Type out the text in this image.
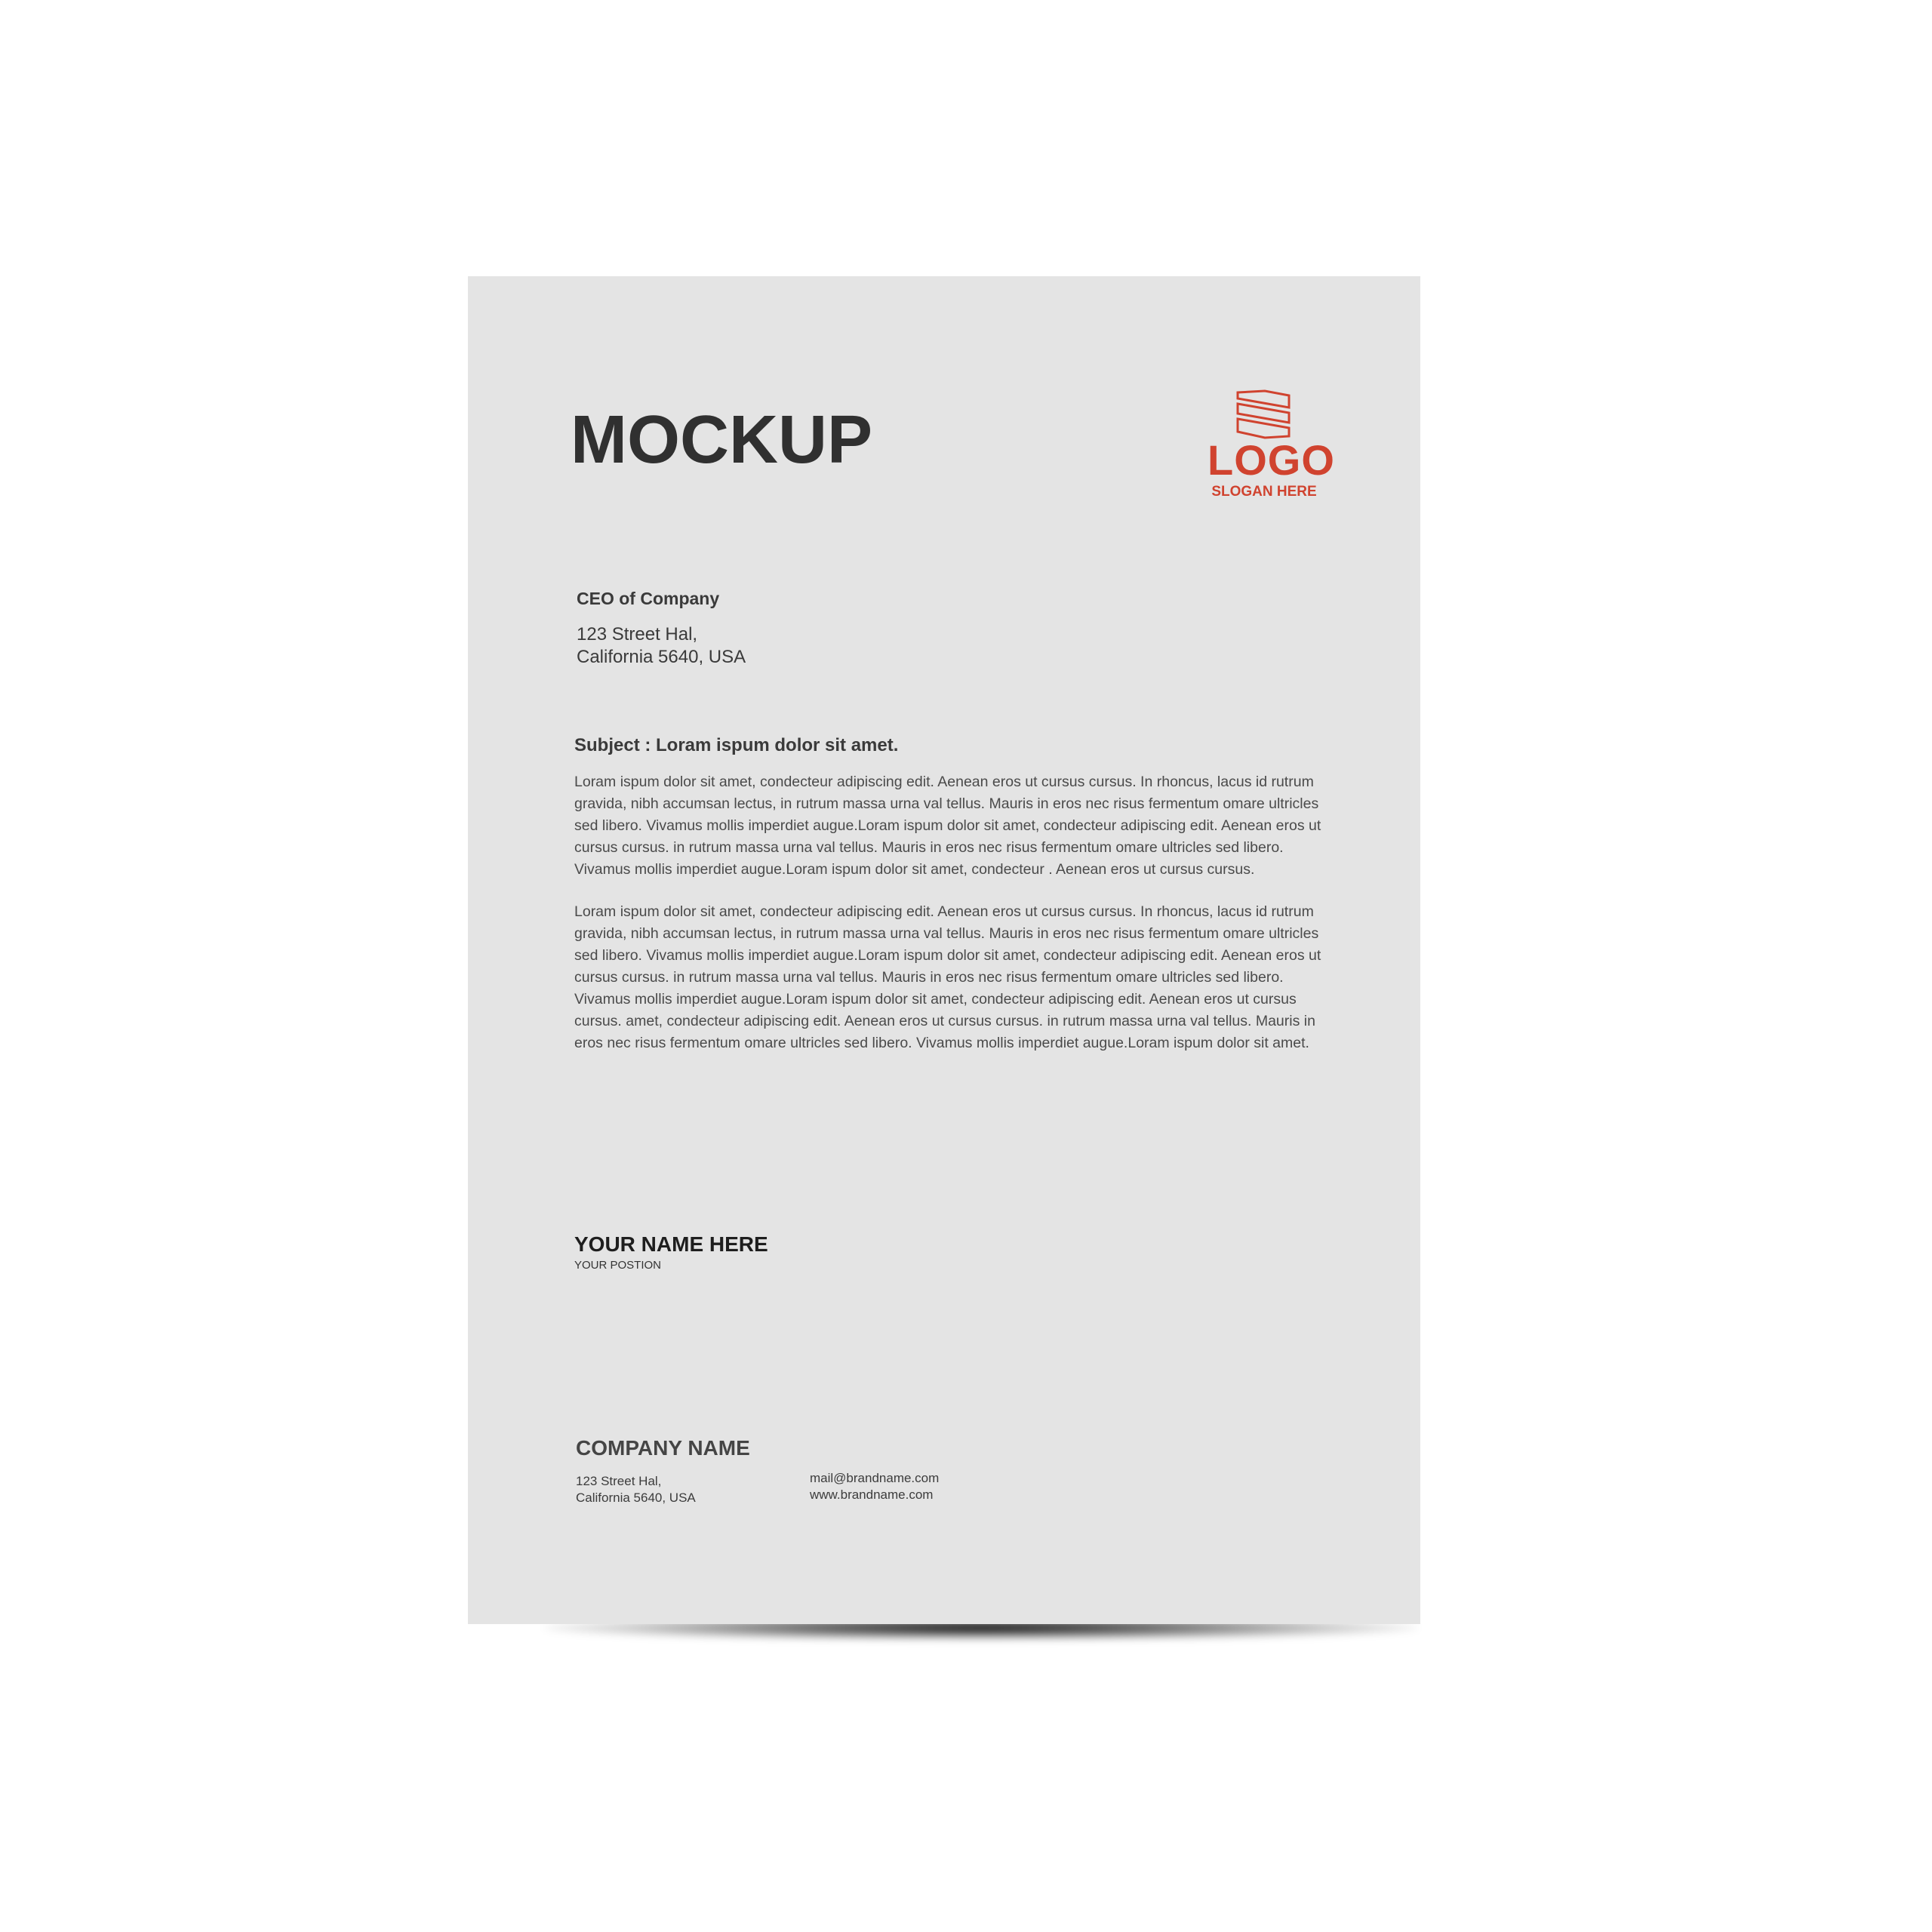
MOCKUP	LOGO
SLOGAN HERE
CEO of Company
123 Street Hal,
California 5640, USA
Subject : Loram ispum dolor sit amet.

Loram ispum dolor sit amet, condecteur adipiscing edit. Aenean eros ut cursus cursus. In rhoncus, lacus id rutrum gravida, nibh accumsan lectus, in rutrum massa urna val tellus. Mauris in eros nec risus fermentum omare ultricles sed libero. Vivamus mollis imperdiet augue.Loram ispum dolor sit amet, condecteur adipiscing edit. Aenean eros ut cursus cursus. in rutrum massa urna val tellus. Mauris in eros nec risus fermentum omare ultricles sed libero. Vivamus mollis imperdiet augue.Loram ispum dolor sit amet, condecteur . Aenean eros ut cursus cursus.

Loram ispum dolor sit amet, condecteur adipiscing edit. Aenean eros ut cursus cursus. In rhoncus, lacus id rutrum gravida, nibh accumsan lectus, in rutrum massa urna val tellus. Mauris in eros nec risus fermentum omare ultricles sed libero. Vivamus mollis imperdiet augue.Loram ispum dolor sit amet, condecteur adipiscing edit. Aenean eros ut cursus cursus. in rutrum massa urna val tellus. Mauris in eros nec risus fermentum omare ultricles sed libero. Vivamus mollis imperdiet augue.Loram ispum dolor sit amet, condecteur adipiscing edit. Aenean eros ut cursus cursus. amet, condecteur adipiscing edit. Aenean eros ut cursus cursus. in rutrum massa urna val tellus. Mauris in eros nec risus fermentum omare ultricles sed libero. Vivamus mollis imperdiet augue.Loram ispum dolor sit amet.

YOUR NAME HERE
YOUR POSTION
COMPANY NAME
123 Street Hal,
California 5640, USA
mail@brandname.com
www.brandname.com
